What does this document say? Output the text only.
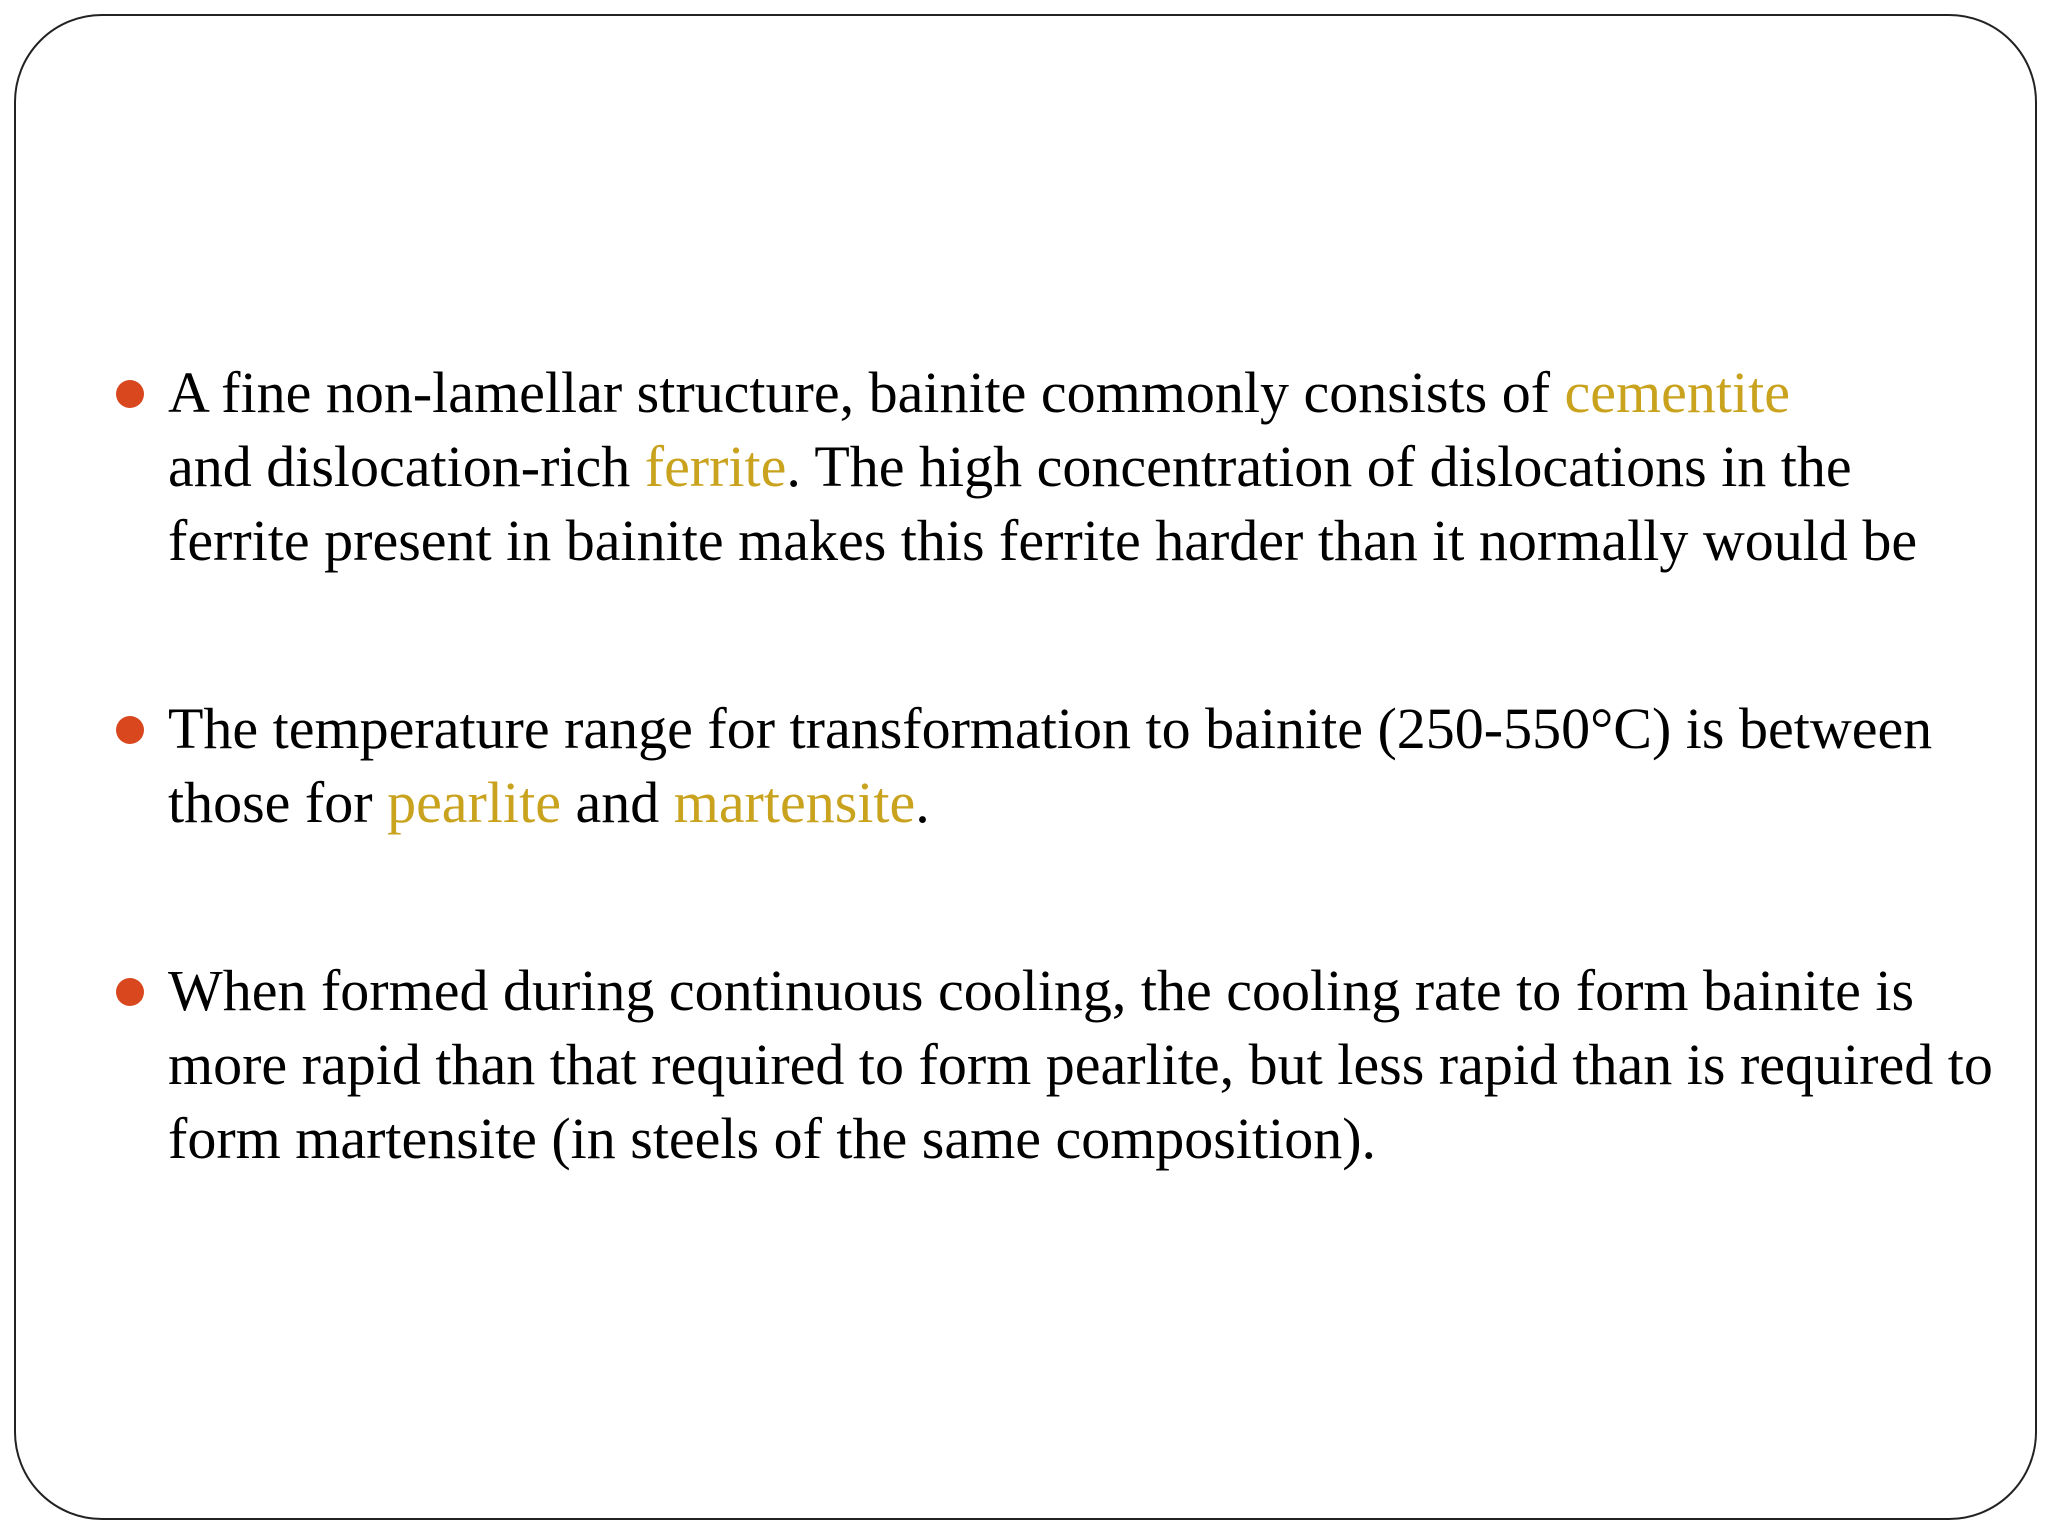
A fine non-lamellar structure, bainite commonly consists of cementite
and dislocation-rich ferrite. The high concentration of dislocations in the ferrite present in bainite makes this ferrite harder than it normally would be
The temperature range for transformation to bainite (250-550°C) is between those for pearlite and martensite.
When formed during continuous cooling, the cooling rate to form bainite is more rapid than that required to form pearlite, but less rapid than is required to form martensite (in steels of the same composition).
